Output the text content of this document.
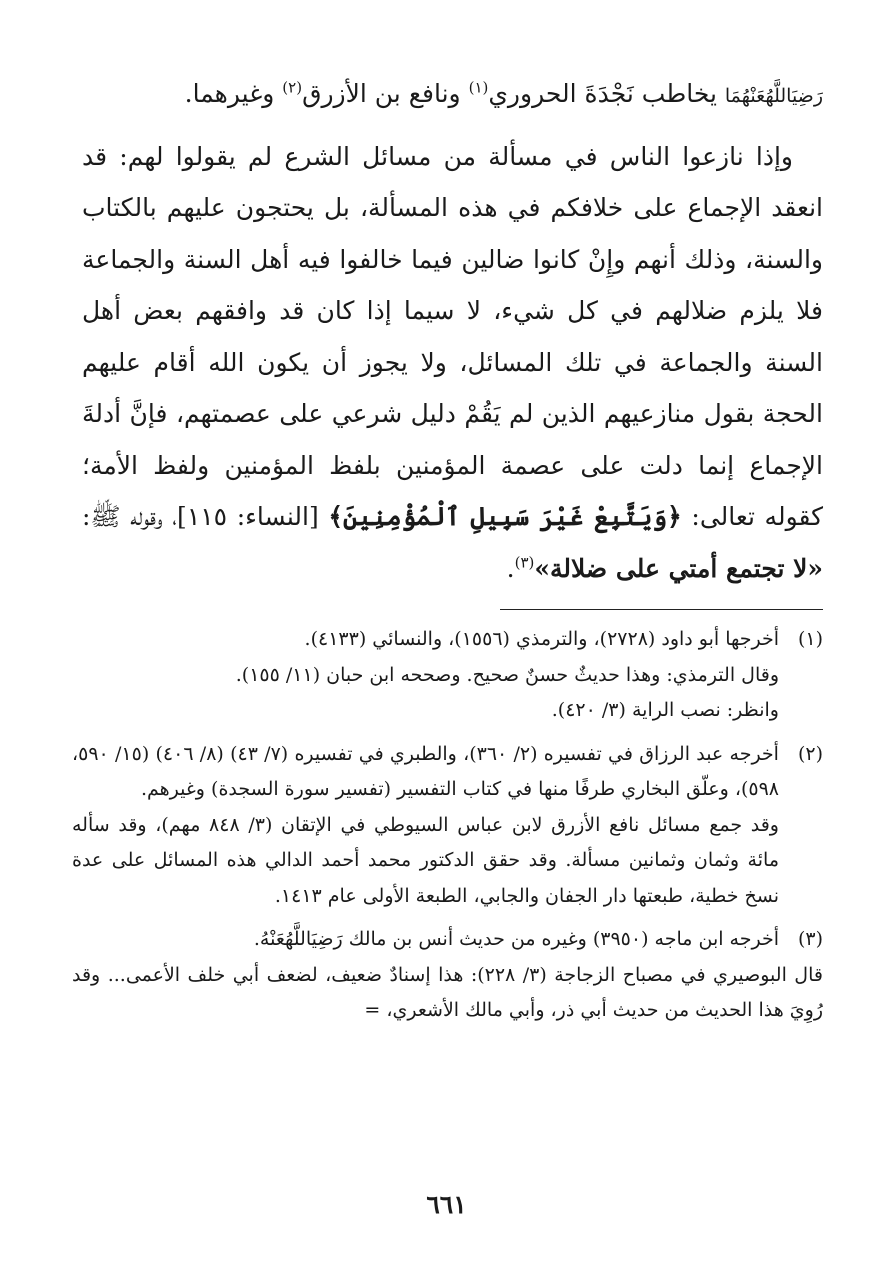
رَضِيَاللَّهُعَنْهُمَا يخاطب نَجْدَةَ الحروري$^{(١)}$ ونافع بن الأزرق$^{(٢)}$ وغيرهما.

وإذا نازعوا الناس في مسألة من مسائل الشرع لم يقولوا لهم: قد انعقد الإجماع على خلافكم في هذه المسألة، بل يحتجون عليهم بالكتاب والسنة، وذلك أنهم وإِنْ كانوا ضالين فيما خالفوا فيه أهل السنة والجماعة فلا يلزم ضلالهم في كل شيء، لا سيما إذا كان قد وافقهم بعض أهل السنة والجماعة في تلك المسائل، ولا يجوز أن يكون الله أقام عليهم الحجة بقول منازعيهم الذين لم يَقُمْ دليل شرعي على عصمتهم، فإنَّ أدلةَ الإجماع إنما دلت على عصمة المؤمنين بلفظ المؤمنين ولفظ الأمة؛ كقوله تعالى: ﴿وَيَتَّبِعْ غَيْرَ سَبِيلِ ٱلْمُؤْمِنِينَ﴾ [النساء: ١١٥]، وقوله ﷺ: «لا تجتمع أمتي على ضلالة»$^{(٣)}$.

(١)

أخرجها أبو داود (٢٧٢٨)، والترمذي (١٥٥٦)، والنسائي (٤١٣٣).

وقال الترمذي: وهذا حديثٌ حسنٌ صحيح. وصححه ابن حبان (١١/ ١٥٥).

وانظر: نصب الراية (٣/ ٤٢٠).

(٢)

أخرجه عبد الرزاق في تفسيره (٢/ ٣٦٠)، والطبري في تفسيره (٧/ ٤٣) (٨/ ٤٠٦) (١٥/ ٥٩٠، ٥٩٨)، وعلّق البخاري طرفًا منها في كتاب التفسير (تفسير سورة السجدة) وغيرهم.

وقد جمع مسائل نافع الأزرق لابن عباس السيوطي في الإتقان (٣/ ٨٤٨ مهم)، وقد سأله مائة وثمان وثمانين مسألة. وقد حقق الدكتور محمد أحمد الدالي هذه المسائل على عدة نسخ خطية، طبعتها دار الجفان والجابي، الطبعة الأولى عام ١٤١٣.

(٣)

أخرجه ابن ماجه (٣٩٥٠) وغيره من حديث أنس بن مالك رَضِيَاللَّهُعَنْهُ.

قال البوصيري في مصباح الزجاجة (٣/ ٢٢٨): هذا إسنادٌ ضعيف، لضعف أبي خلف الأعمى... وقد رُوِيَ هذا الحديث من حديث أبي ذر، وأبي مالك الأشعري، =

٦٦١
